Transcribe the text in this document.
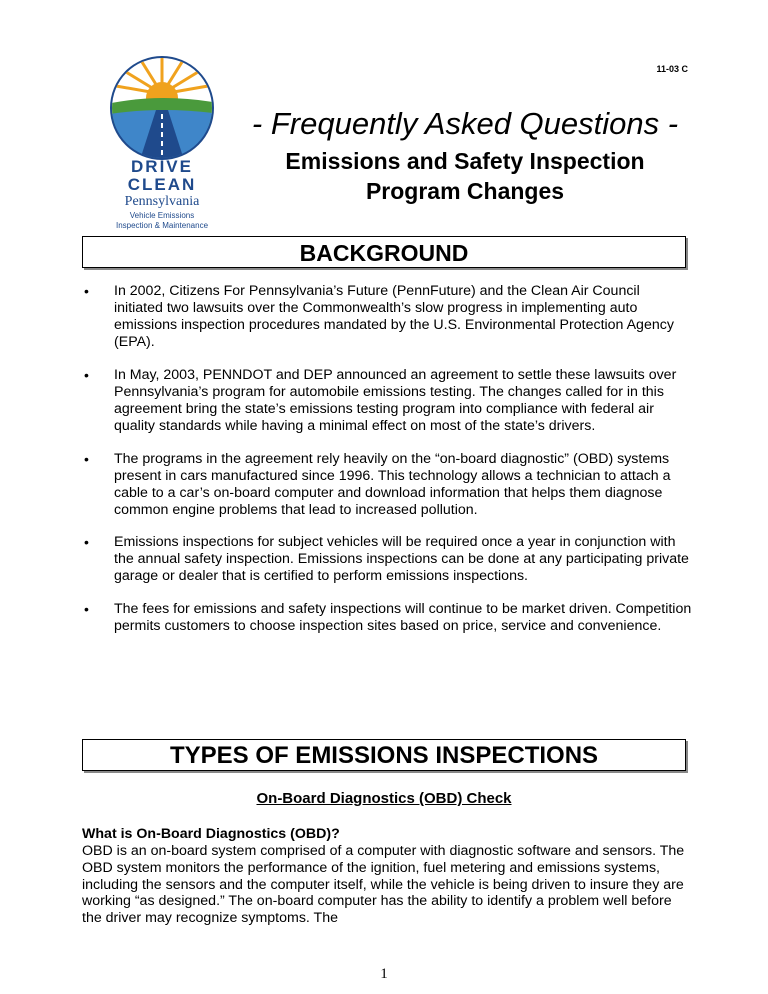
11-03 C
DRIVE
CLEAN
Pennsylvania
Vehicle Emissions
Inspection & Maintenance
- Frequently Asked Questions -
Emissions and Safety Inspection
Program Changes
BACKGROUND
• In 2002, Citizens For Pennsylvania’s Future (PennFuture) and the Clean Air Council initiated two lawsuits over the Commonwealth’s slow progress in implementing auto emissions inspection procedures mandated by the U.S. Environmental Protection Agency (EPA).
• In May, 2003, PENNDOT and DEP announced an agreement to settle these lawsuits over Pennsylvania’s program for automobile emissions testing. The changes called for in this agreement bring the state’s emissions testing program into compliance with federal air quality standards while having a minimal effect on most of the state’s drivers.
• The programs in the agreement rely heavily on the “on-board diagnostic” (OBD) systems present in cars manufactured since 1996. This technology allows a technician to attach a cable to a car’s on-board computer and download information that helps them diagnose common engine problems that lead to increased pollution.
• Emissions inspections for subject vehicles will be required once a year in conjunction with the annual safety inspection. Emissions inspections can be done at any participating private garage or dealer that is certified to perform emissions inspections.
• The fees for emissions and safety inspections will continue to be market driven. Competition permits customers to choose inspection sites based on price, service and convenience.
TYPES OF EMISSIONS INSPECTIONS
On-Board Diagnostics (OBD) Check
What is On-Board Diagnostics (OBD)?
OBD is an on-board system comprised of a computer with diagnostic software and sensors. The OBD system monitors the performance of the ignition, fuel metering and emissions systems, including the sensors and the computer itself, while the vehicle is being driven to insure they are working “as designed.” The on-board computer has the ability to identify a problem well before the driver may recognize symptoms. The
1
